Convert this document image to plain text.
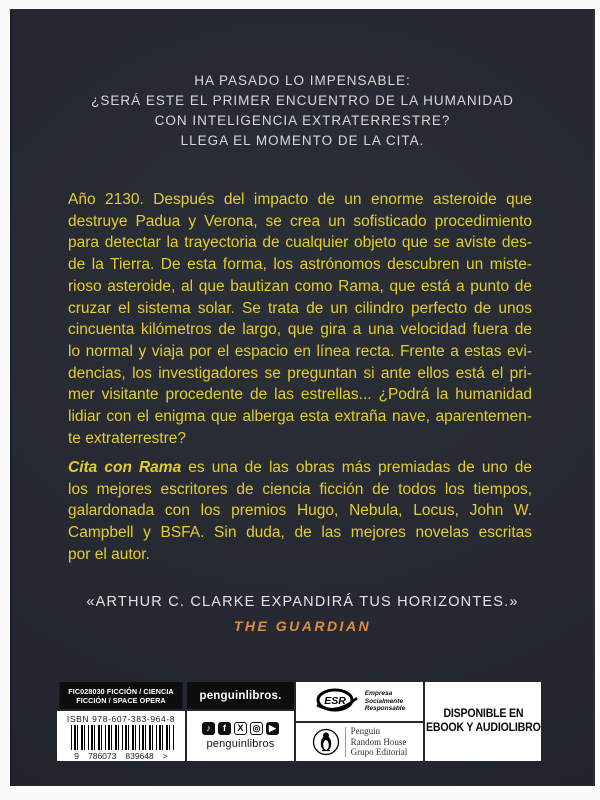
HA PASADO LO IMPENSABLE:
¿SERÁ ESTE EL PRIMER ENCUENTRO DE LA HUMANIDAD
CON INTELIGENCIA EXTRATERRESTRE?
LLEGA EL MOMENTO DE LA CITA.
Año 2130. Después del impacto de un enorme asteroide que
destruye Padua y Verona, se crea un sofisticado procedimiento
para detectar la trayectoria de cualquier objeto que se aviste des-
de la Tierra. De esta forma, los astrónomos descubren un miste-
rioso asteroide, al que bautizan como Rama, que está a punto de
cruzar el sistema solar. Se trata de un cilindro perfecto de unos
cincuenta kilómetros de largo, que gira a una velocidad fuera de
lo normal y viaja por el espacio en línea recta. Frente a estas evi-
dencias, los investigadores se preguntan si ante ellos está el pri-
mer visitante procedente de las estrellas... ¿Podrá la humanidad
lidiar con el enigma que alberga esta extraña nave, aparentemen-
te extraterrestre?
Cita con Rama es una de las obras más premiadas de uno de
los mejores escritores de ciencia ficción de todos los tiempos,
galardonada con los premios Hugo, Nebula, Locus, John W.
Campbell y BSFA. Sin duda, de las mejores novelas escritas
por el autor.
«ARTHUR C. CLARKE EXPANDIRÁ TUS HORIZONTES.»
THE GUARDIAN
FIC028030 FICCIÓN / CIENCIA
FICCIÓN / SPACE OPERA
ISBN 978-607-383-964-8
9 786073 839648 >
penguinlibros.
♪	f	X	◎ ▶
penguinlibros
ESR
Empresa
Socialmente
Responsable
Penguin
Random House
Grupo Editorial
DISPONIBLE EN
EBOOK Y AUDIOLIBRO
